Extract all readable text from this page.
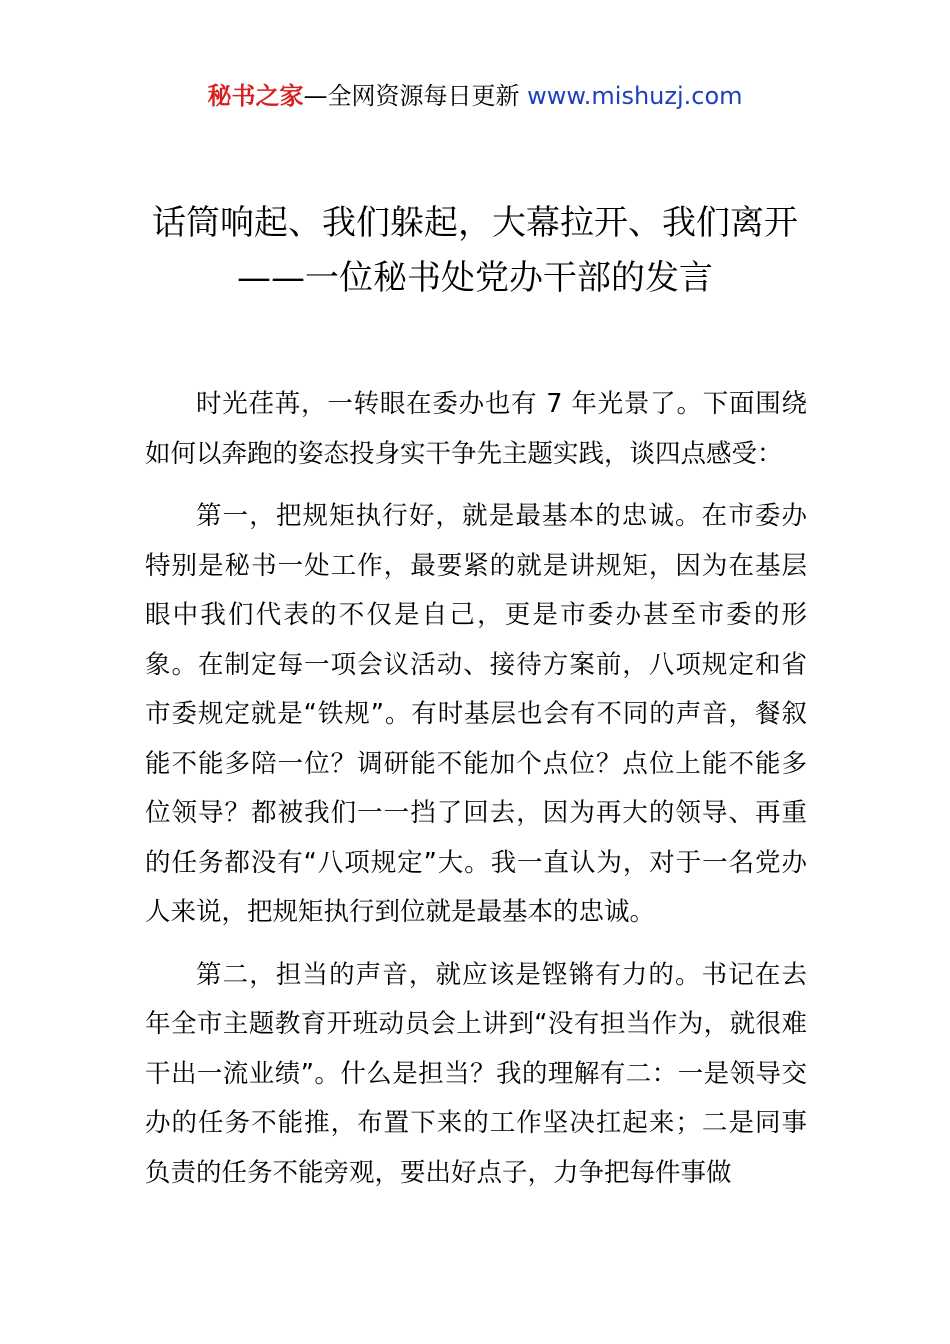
秘书之家—全网资源每日更新 www.mishuzj.com
话筒响起、我们躲起，大幕拉开、我们离开——一位秘书处党办干部的发言

时光荏苒，一转眼在委办也有 7 年光景了。下面围绕如何以奔跑的姿态投身实干争先主题实践，谈四点感受：

第一，把规矩执行好，就是最基本的忠诚。在市委办特别是秘书一处工作，最要紧的就是讲规矩，因为在基层眼中我们代表的不仅是自己，更是市委办甚至市委的形象。在制定每一项会议活动、接待方案前，八项规定和省市委规定就是“铁规”。有时基层也会有不同的声音，餐叙能不能多陪一位？调研能不能加个点位？点位上能不能多位领导？都被我们一一挡了回去，因为再大的领导、再重的任务都没有“八项规定”大。我一直认为，对于一名党办人来说，把规矩执行到位就是最基本的忠诚。

第二，担当的声音，就应该是铿锵有力的。书记在去年全市主题教育开班动员会上讲到“没有担当作为，就很难干出一流业绩”。什么是担当？我的理解有二：一是领导交办的任务不能推，布置下来的工作坚决扛起来；二是同事负责的任务不能旁观，要出好点子，力争把每件事做
